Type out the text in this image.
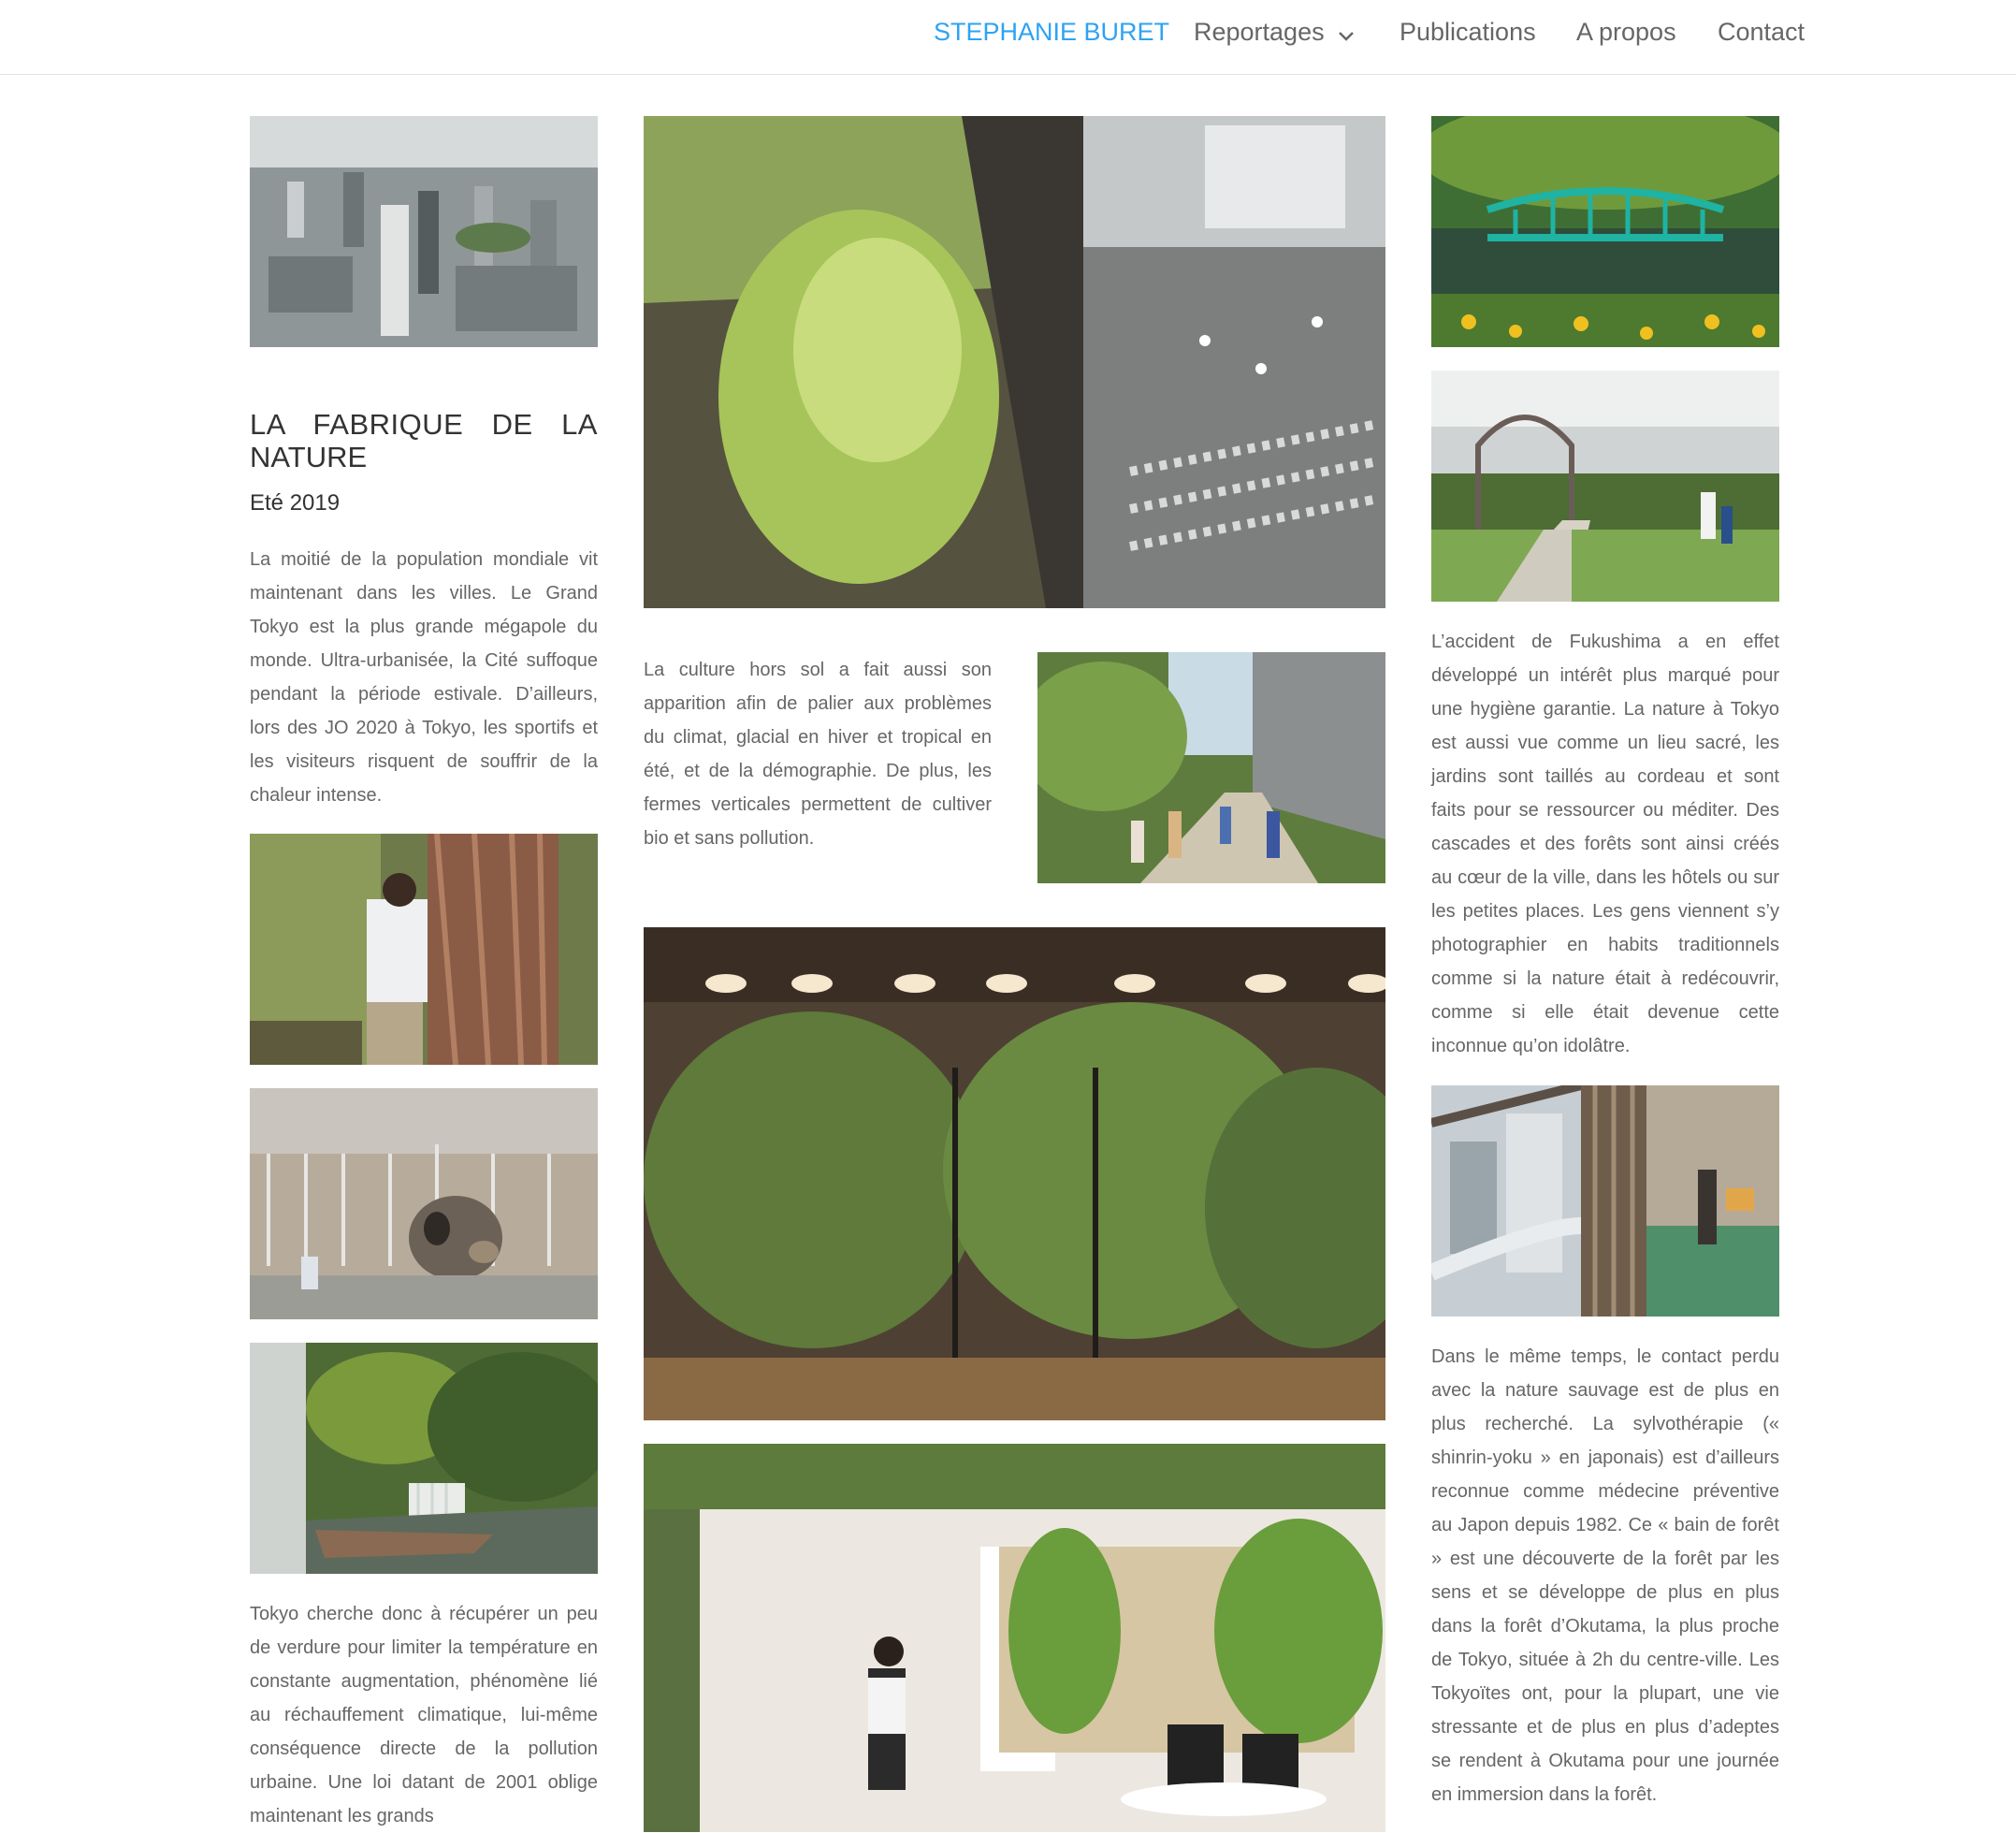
STEPHANIE BURET Reportages	Publications A propos Contact
LA FABRIQUE DE LA
NATURE
Eté 2019

La moitié de la population mondiale vit maintenant dans les villes. Le Grand Tokyo est la plus grande mégapole du monde. Ultra-urbanisée, la Cité suffoque pendant la période estivale. D’ailleurs, lors des JO 2020 à Tokyo, les sportifs et les visiteurs risquent de souffrir de la chaleur intense.

Tokyo cherche donc à récupérer un peu de verdure pour limiter la température en constante augmentation, phénomène lié au réchauffement climatique, lui-même conséquence directe de la pollution urbaine. Une loi datant de 2001 oblige maintenant les grands

La culture hors sol a fait aussi son apparition afin de palier aux problèmes du climat, glacial en hiver et tropical en été, et de la démographie. De plus, les fermes verticales permettent de cultiver bio et sans pollution.

L’accident de Fukushima a en effet développé un intérêt plus marqué pour une hygiène garantie. La nature à Tokyo est aussi vue comme un lieu sacré, les jardins sont taillés au cordeau et sont faits pour se ressourcer ou méditer. Des cascades et des forêts sont ainsi créés au cœur de la ville, dans les hôtels ou sur les petites places. Les gens viennent s’y photographier en habits traditionnels comme si la nature était à redécouvrir, comme si elle était devenue cette inconnue qu’on idolâtre.

Dans le même temps, le contact perdu avec la nature sauvage est de plus en plus recherché. La sylvothérapie (« shinrin-yoku » en japonais) est d’ailleurs reconnue comme médecine préventive au Japon depuis 1982. Ce « bain de forêt » est une découverte de la forêt par les sens et se développe de plus en plus dans la forêt d’Okutama, la plus proche de Tokyo, située à 2h du centre-ville. Les Tokyoïtes ont, pour la plupart, une vie stressante et de plus en plus d’adeptes se rendent à Okutama pour une journée en immersion dans la forêt.
